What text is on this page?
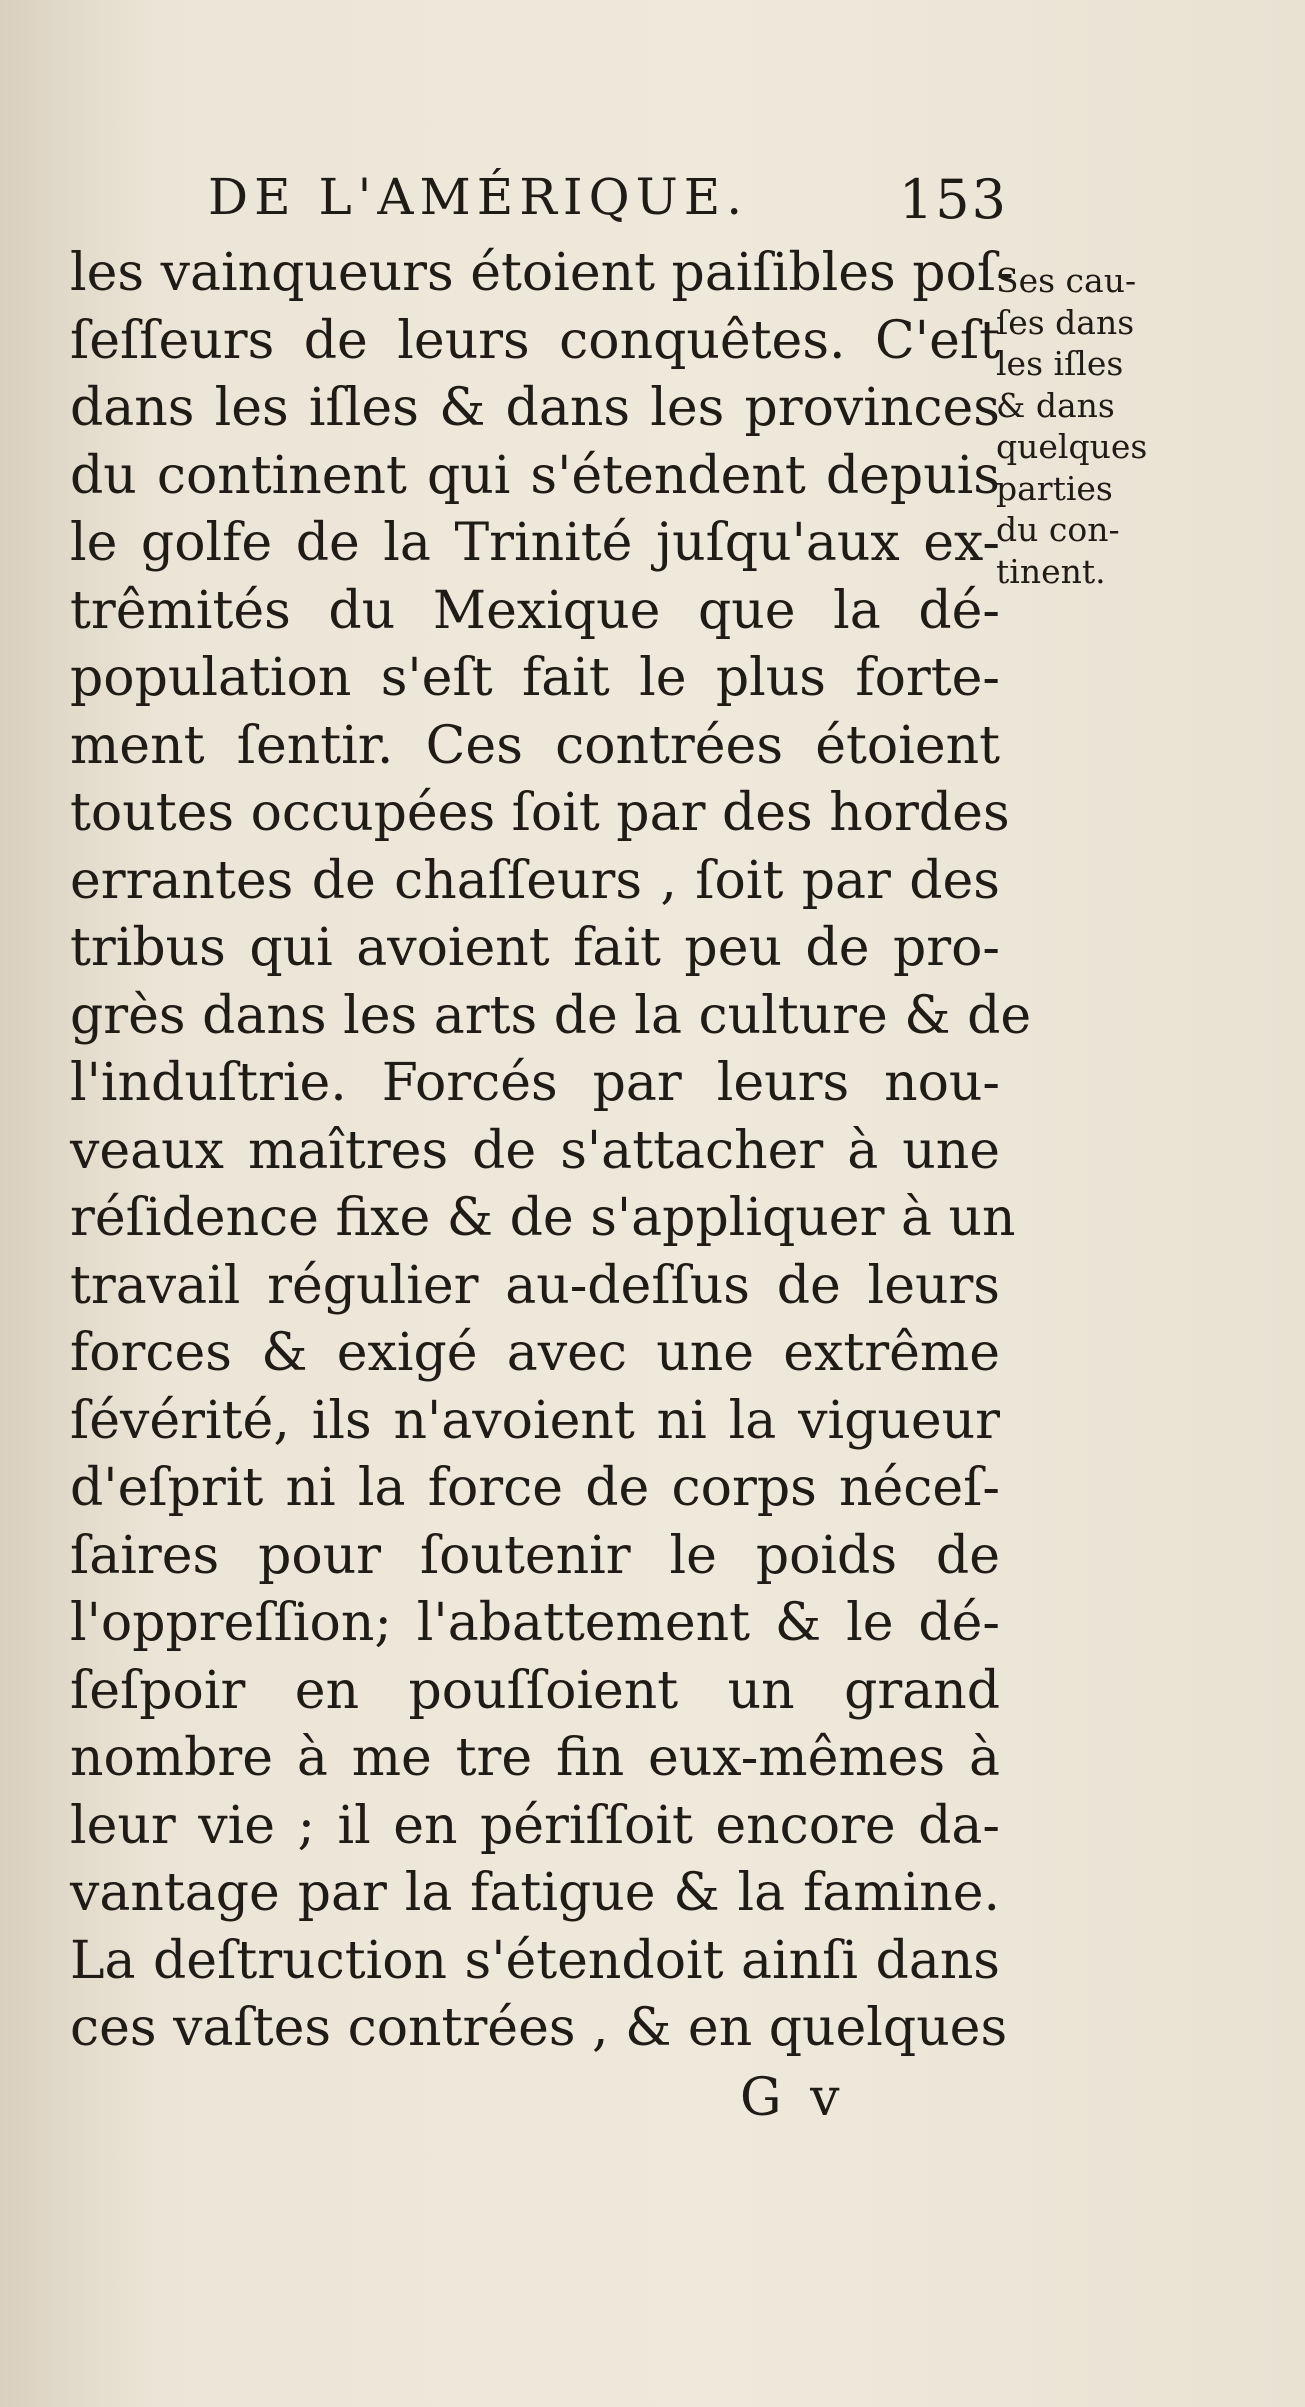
DE L'AMÉRIQUE.	153
les vainqueurs étoient paiſibles poſ-
ſeſſeurs de leurs conquêtes. C'eſt
dans les iſles & dans les provinces
du continent qui s'étendent depuis
le golfe de la Trinité juſqu'aux ex-
trêmités du Mexique que la dé-
population s'eſt fait le plus forte-
ment ſentir. Ces contrées étoient
toutes occupées ſoit par des hordes
errantes de chaſſeurs , ſoit par des
tribus qui avoient fait peu de pro-
grès dans les arts de la culture & de
l'induſtrie. Forcés par leurs nou-
veaux maîtres de s'attacher à une
réſidence fixe & de s'appliquer à un
travail régulier au-deſſus de leurs
forces & exigé avec une extrême
ſévérité, ils n'avoient ni la vigueur
d'eſprit ni la force de corps néceſ-
ſaires pour ſoutenir le poids de
l'oppreſſion; l'abattement & le dé-
ſeſpoir en pouſſoient un grand
nombre à me tre fin eux-mêmes à
leur vie ; il en périſſoit encore da-
vantage par la fatigue & la famine.
La deſtruction s'étendoit ainſi dans
ces vaſtes contrées , & en quelques
Ses cau-
ſes dans
les iſles
& dans
quelques
parties
du con-
tinent.
G v
